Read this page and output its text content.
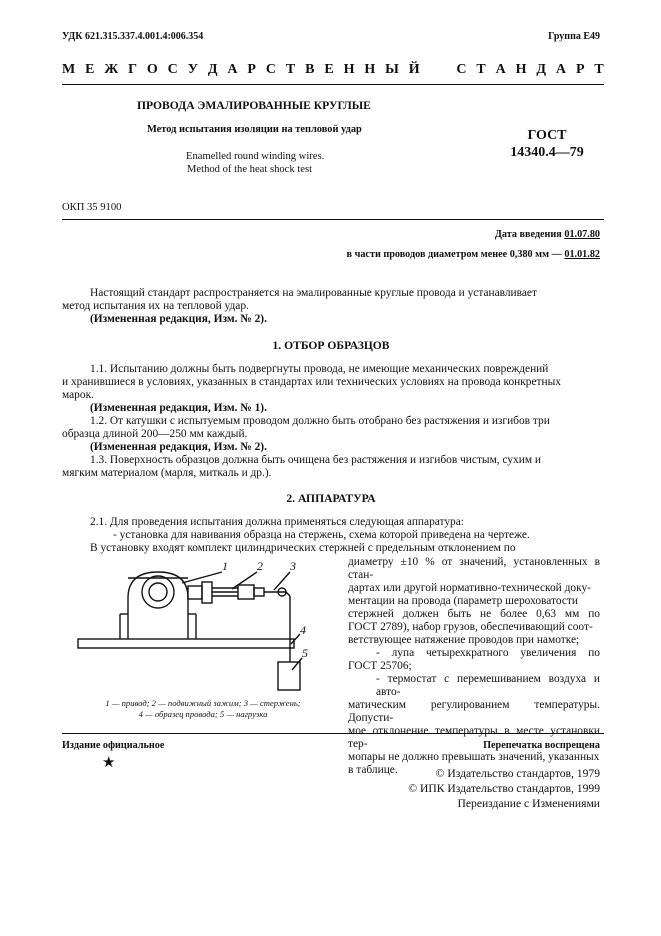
УДК 621.315.337.4.001.4:006.354	Группа Е49
М Е Ж Г О С У Д А Р С Т В Е Н Н Ы Й

	С Т А Н Д А Р Т
ПРОВОДА ЭМАЛИРОВАННЫЕ КРУГЛЫЕ
Метод испытания изоляции на тепловой удар
Enamelled round winding wires.
Method of the heat shock test
ГОСТ
14340.4—79
ОКП 35 9100
Дата введения 01.07.80
в части проводов диаметром менее 0,380 мм — 01.01.82
Настоящий стандарт распространяется на эмалированные круглые провода и устанавливает
метод испытания их на тепловой удар.
(Измененная редакция, Изм. № 2).
1. ОТБОР ОБРАЗЦОВ
1.1. Испытанию должны быть подвергнуты провода, не имеющие механических повреждений
и хранившиеся в условиях, указанных в стандартах или технических условиях на провода конкретных
марок.
(Измененная редакция, Изм. № 1).
1.2. От катушки с испытуемым проводом должно быть отобрано без растяжения и изгибов три
образца длиной 200—250 мм каждый.
(Измененная редакция, Изм. № 2).
1.3. Поверхность образцов должна быть очищена без растяжения и изгибов чистым, сухим и
мягким материалом (марля, миткаль и др.).
2. АППАРАТУРА
2.1. Для проведения испытания должна применяться следующая аппаратура:
- установка для навивания образца на стержень, схема которой приведена на чертеже.
В установку входят комплект цилиндрических стержней с предельным отклонением по
диаметру ±10 % от значений, установленных в стан-
дартах или другой нормативно-технической доку-
ментации на провода (параметр шероховатости
стержней должен быть не более 0,63 мм по
ГОСТ 2789), набор грузов, обеспечивающий соот-
ветствующее натяжение проводов при намотке;
- лупа четырехкратного увеличения по
ГОСТ 25706;
- термостат с перемешиванием воздуха и авто-
матическим регулированием температуры. Допусти-
мое отклонение температуры в месте установки тер-
мопары не должно превышать значений, указанных
в таблице.
1 2 3
4
5
1 — привод; 2 — подвижный зажим; 3 — стержень;
4 — образец провода; 5 — нагрузка
Издание официальное	Перепечатка воспрещена
★
© Издательство стандартов, 1979
© ИПК Издательство стандартов, 1999
Переиздание с Изменениями
